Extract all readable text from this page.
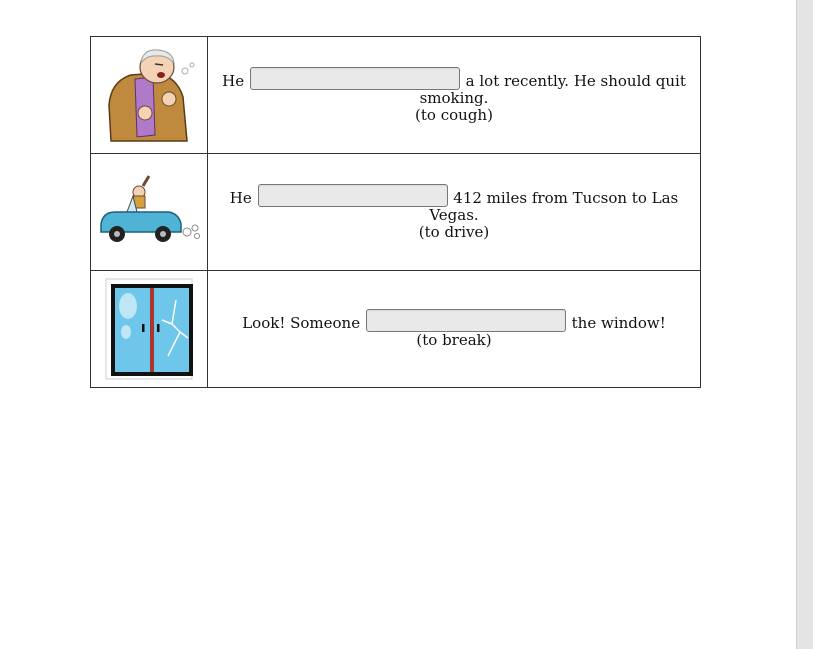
	He a lot recently. He should quit smoking.
(to cough)

	He 412 miles from Tucson to Las Vegas.
(to drive)

	Look! Someone the window!
(to break)
